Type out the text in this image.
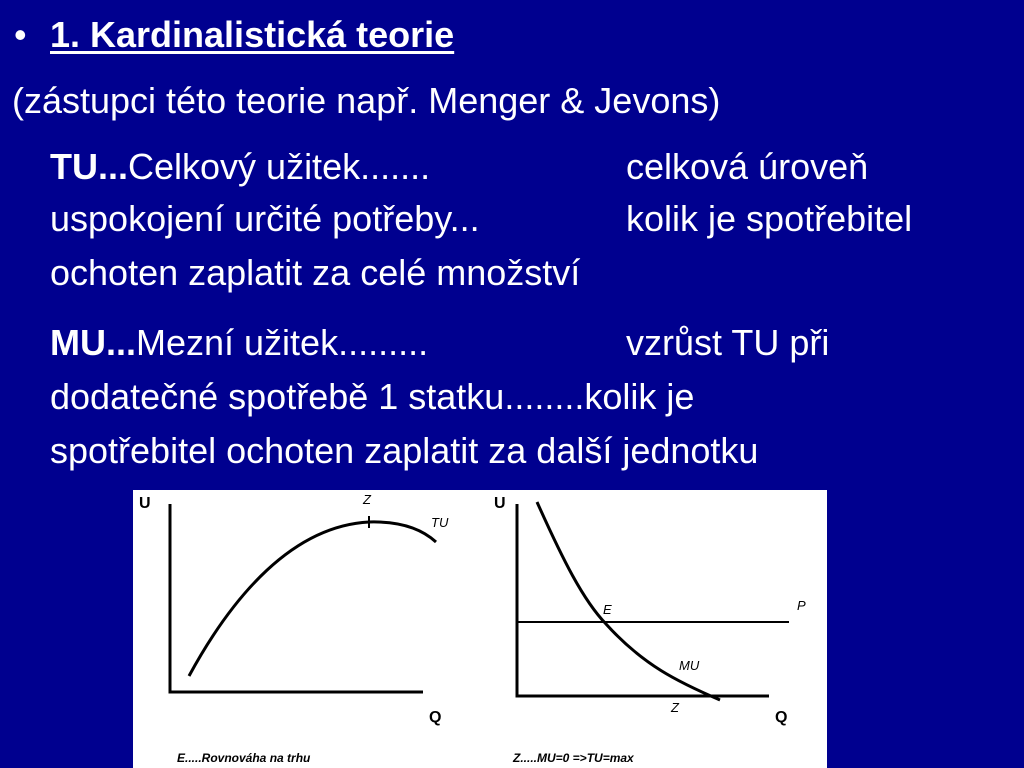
• 1. Kardinalistická teorie
(zástupci této teorie např. Menger & Jevons)
TU...Celkový užitek.......	celková úroveň
uspokojení určité potřeby...	kolik je spotřebitel
ochoten zaplatit za celé množství
MU...Mezní užitek.........	vzrůst TU při
dodatečné spotřebě 1 statku........kolik je
spotřebitel ochoten zaplatit za další jednotku
U
Q
Z
TU
E.....Rovnováha na trhu
U
Q
P
E
MU
Z
Z.....MU=0 =>TU=max
